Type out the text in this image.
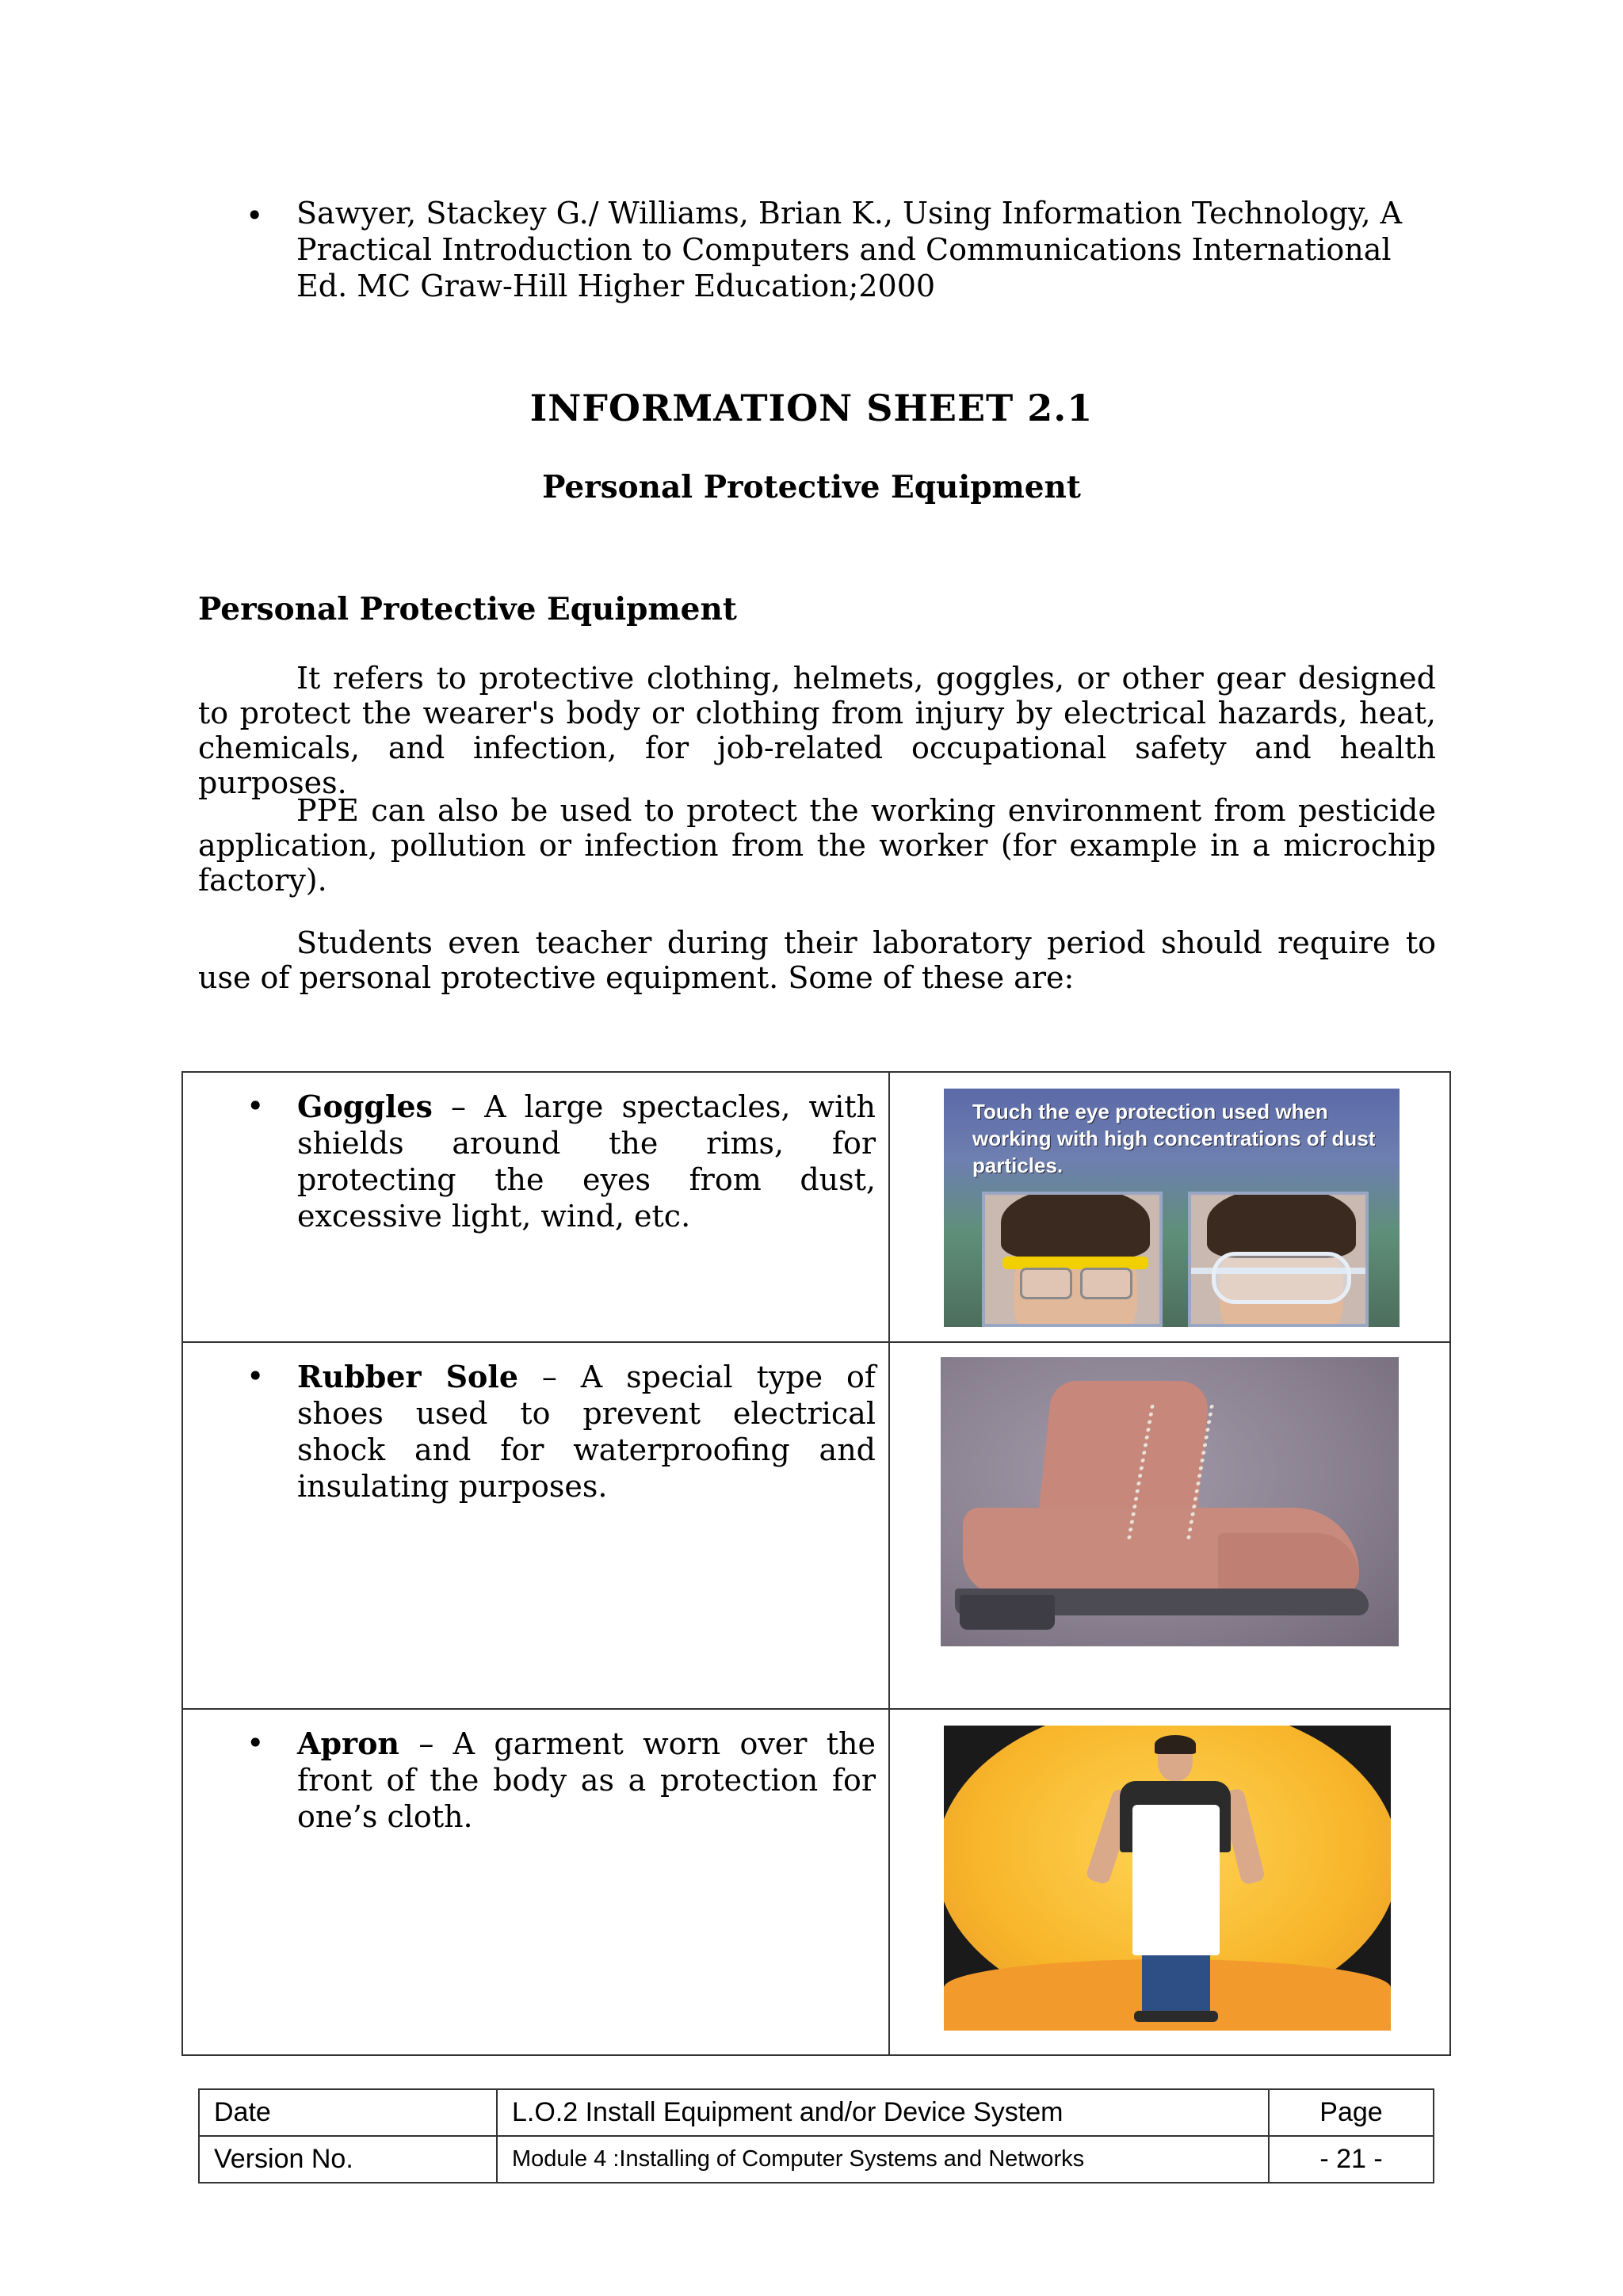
• Sawyer, Stackey G./ Williams, Brian K., Using Information Technology, A Practical Introduction to Computers and Communications International Ed. MC Graw-Hill Higher Education;2000
INFORMATION SHEET 2.1
Personal Protective Equipment
Personal Protective Equipment
It refers to protective clothing, helmets, goggles, or other gear designed to protect the wearer's body or clothing from injury by electrical hazards, heat, chemicals, and infection, for job-related occupational safety and health purposes.
PPE can also be used to protect the working environment from pesticide application, pollution or infection from the worker (for example in a microchip factory).
Students even teacher during their laboratory period should require to use of personal protective equipment. Some of these are:
• Goggles – A large spectacles, with shields around the rims, for protecting the eyes from dust, excessive light, wind, etc.
Touch the eye protection used when working with high concentrations of dust particles.
• Rubber Sole – A special type of shoes used to prevent electrical shock and for waterproofing and insulating purposes.
• Apron – A garment worn over the front of the body as a protection for one’s cloth.
Date	L.O.2 Install Equipment and/or Device System	Page
Version No.	Module 4 :Installing of Computer Systems and Networks	- 21 -
